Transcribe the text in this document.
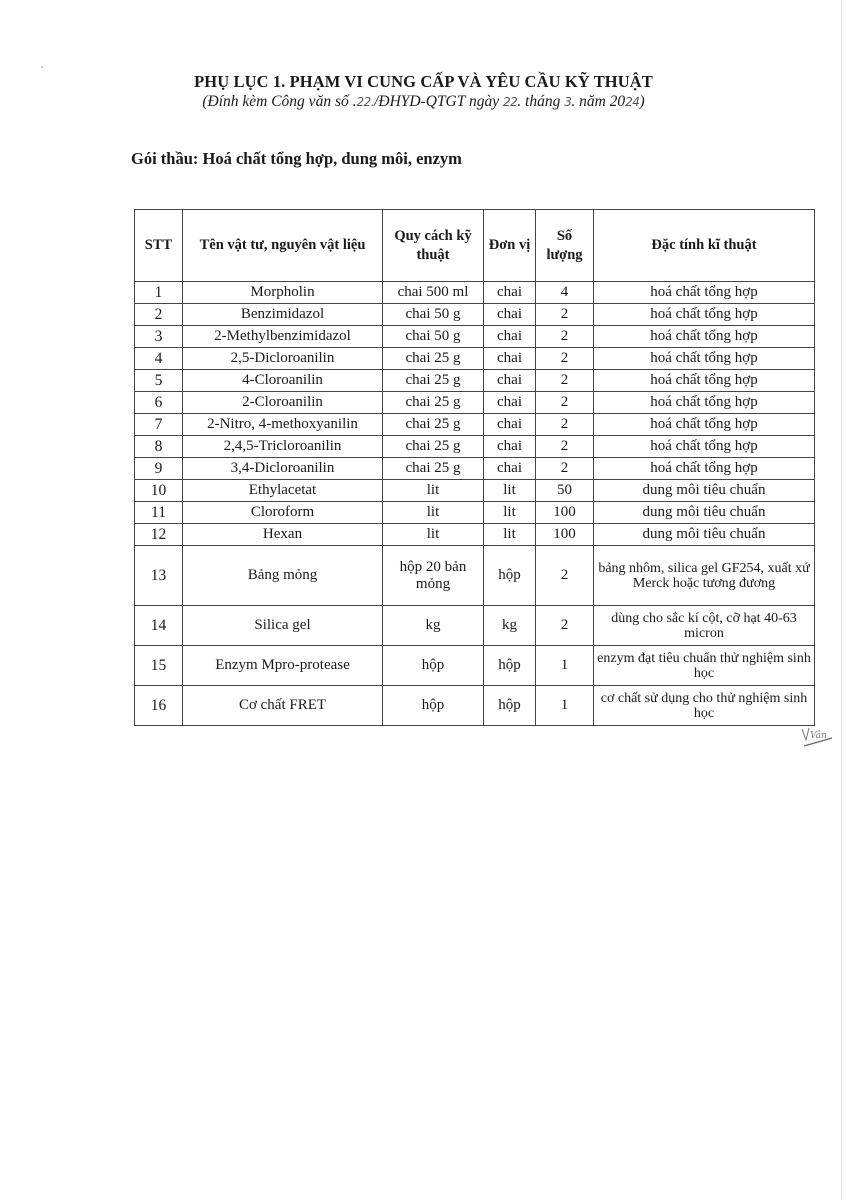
PHỤ LỤC 1. PHẠM VI CUNG CẤP VÀ YÊU CẦU KỸ THUẬT
(Đính kèm Công văn số .22./ĐHYD-QTGT ngày 22. tháng 3. năm 2024)
Gói thầu: Hoá chất tổng hợp, dung môi, enzym
STT	Tên vật tư, nguyên vật liệu	Quy cách kỹ thuật	Đơn vị	Số lượng	Đặc tính kĩ thuật
1	Morpholin	chai 500 ml	chai	4	hoá chất tổng hợp
2	Benzimidazol	chai 50 g	chai	2	hoá chất tổng hợp
3	2-Methylbenzimidazol	chai 50 g	chai	2	hoá chất tổng hợp
4	2,5-Dicloroanilin	chai 25 g	chai	2	hoá chất tổng hợp
5	4-Cloroanilin	chai 25 g	chai	2	hoá chất tổng hợp
6	2-Cloroanilin	chai 25 g	chai	2	hoá chất tổng hợp
7	2-Nitro, 4-methoxyanilin	chai 25 g	chai	2	hoá chất tổng hợp
8	2,4,5-Tricloroanilin	chai 25 g	chai	2	hoá chất tổng hợp
9	3,4-Dicloroanilin	chai 25 g	chai	2	hoá chất tổng hợp
10	Ethylacetat	lit	lit	50	dung môi tiêu chuẩn
11	Cloroform	lit	lit	100	dung môi tiêu chuẩn
12	Hexan	lit	lit	100	dung môi tiêu chuẩn
13	Bảng mỏng	hộp 20 bản mỏng	hộp	2	bảng nhôm, silica gel GF254, xuất xứ Merck hoặc tương đương
14	Silica gel	kg	kg	2	dùng cho sắc kí cột, cỡ hạt 40-63 micron
15	Enzym Mpro-protease	hộp	hộp	1	enzym đạt tiêu chuẩn thử nghiệm sinh học
16	Cơ chất FRET	hộp	hộp	1	cơ chất sử dụng cho thử nghiệm sinh học
Vân
